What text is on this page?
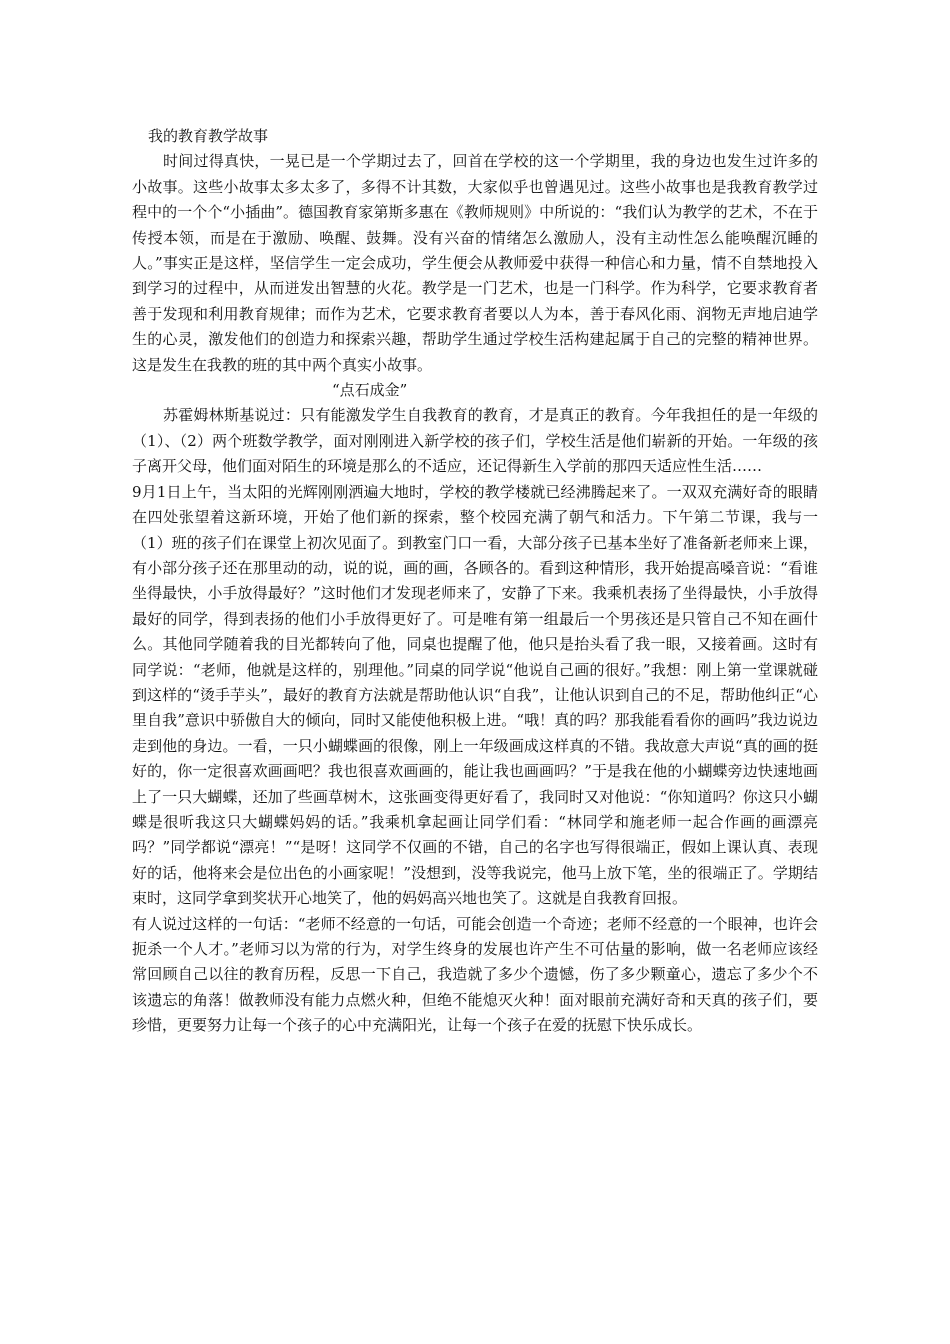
我的教育教学故事

时间过得真快，一晃已是一个学期过去了，回首在学校的这一个学期里，我的身边也发生过许多的小故事。这些小故事太多太多了，多得不计其数，大家似乎也曾遇见过。这些小故事也是我教育教学过程中的一个个“小插曲”。德国教育家第斯多惠在《教师规则》中所说的：“我们认为教学的艺术，不在于传授本领，而是在于激励、唤醒、鼓舞。没有兴奋的情绪怎么激励人，没有主动性怎么能唤醒沉睡的人。”事实正是这样，坚信学生一定会成功，学生便会从教师爱中获得一种信心和力量，情不自禁地投入到学习的过程中，从而迸发出智慧的火花。教学是一门艺术，也是一门科学。作为科学，它要求教育者善于发现和利用教育规律；而作为艺术，它要求教育者要以人为本，善于春风化雨、润物无声地启迪学生的心灵，激发他们的创造力和探索兴趣，帮助学生通过学校生活构建起属于自己的完整的精神世界。这是发生在我教的班的其中两个真实小故事。

“点石成金”

苏霍姆林斯基说过：只有能激发学生自我教育的教育，才是真正的教育。今年我担任的是一年级的（1）、（2）两个班数学教学，面对刚刚进入新学校的孩子们，学校生活是他们崭新的开始。一年级的孩子离开父母，他们面对陌生的环境是那么的不适应，还记得新生入学前的那四天适应性生活……

9月1日上午，当太阳的光辉刚刚洒遍大地时，学校的教学楼就已经沸腾起来了。一双双充满好奇的眼睛在四处张望着这新环境，开始了他们新的探索，整个校园充满了朝气和活力。下午第二节课，我与一（1）班的孩子们在课堂上初次见面了。到教室门口一看，大部分孩子已基本坐好了准备新老师来上课，有小部分孩子还在那里动的动，说的说，画的画，各顾各的。看到这种情形，我开始提高嗓音说：“看谁坐得最快，小手放得最好？”这时他们才发现老师来了，安静了下来。我乘机表扬了坐得最快，小手放得最好的同学，得到表扬的他们小手放得更好了。可是唯有第一组最后一个男孩还是只管自己不知在画什么。其他同学随着我的目光都转向了他，同桌也提醒了他，他只是抬头看了我一眼，又接着画。这时有同学说：“老师，他就是这样的，别理他。”同桌的同学说“他说自己画的很好。”我想：刚上第一堂课就碰到这样的“烫手芋头”，最好的教育方法就是帮助他认识“自我”，让他认识到自己的不足，帮助他纠正“心里自我”意识中骄傲自大的倾向，同时又能使他积极上进。“哦！真的吗？那我能看看你的画吗”我边说边走到他的身边。一看，一只小蝴蝶画的很像，刚上一年级画成这样真的不错。我故意大声说“真的画的挺好的，你一定很喜欢画画吧？我也很喜欢画画的，能让我也画画吗？”于是我在他的小蝴蝶旁边快速地画上了一只大蝴蝶，还加了些画草树木，这张画变得更好看了，我同时又对他说：“你知道吗？你这只小蝴蝶是很听我这只大蝴蝶妈妈的话。”我乘机拿起画让同学们看：“林同学和施老师一起合作画的画漂亮吗？”同学都说“漂亮！”“是呀！这同学不仅画的不错，自己的名字也写得很端正，假如上课认真、表现好的话，他将来会是位出色的小画家呢！”没想到，没等我说完，他马上放下笔，坐的很端正了。学期结束时，这同学拿到奖状开心地笑了，他的妈妈高兴地也笑了。这就是自我教育回报。

有人说过这样的一句话：“老师不经意的一句话，可能会创造一个奇迹；老师不经意的一个眼神，也许会扼杀一个人才。”老师习以为常的行为，对学生终身的发展也许产生不可估量的影响，做一名老师应该经常回顾自己以往的教育历程，反思一下自己，我造就了多少个遗憾，伤了多少颗童心，遗忘了多少个不该遗忘的角落！做教师没有能力点燃火种，但绝不能熄灭火种！面对眼前充满好奇和天真的孩子们，要珍惜，更要努力让每一个孩子的心中充满阳光，让每一个孩子在爱的抚慰下快乐成长。
